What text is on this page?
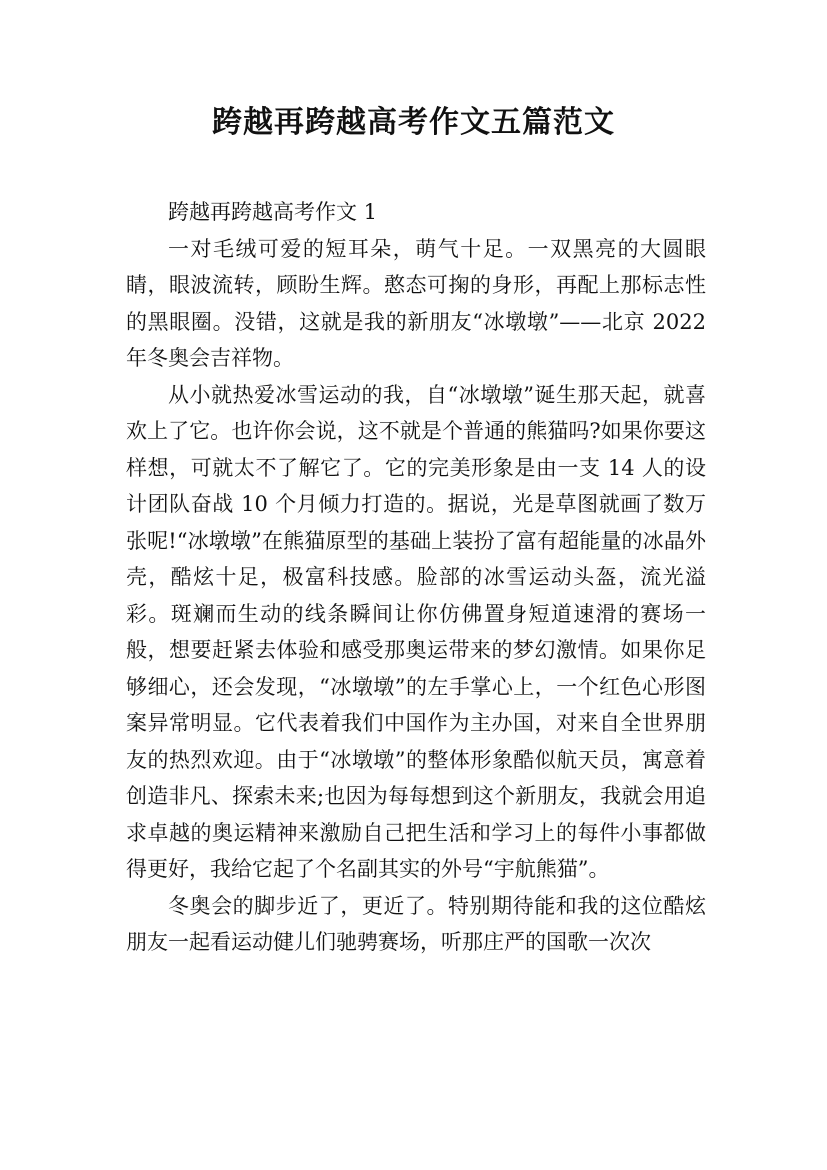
跨越再跨越高考作文五篇范文

跨越再跨越高考作文 1

一对毛绒可爱的短耳朵，萌气十足。一双黑亮的大圆眼睛，眼波流转，顾盼生辉。憨态可掬的身形，再配上那标志性的黑眼圈。没错，这就是我的新朋友“冰墩墩”——北京 2022 年冬奥会吉祥物。

从小就热爱冰雪运动的我，自“冰墩墩”诞生那天起，就喜欢上了它。也许你会说，这不就是个普通的熊猫吗?如果你要这样想，可就太不了解它了。它的完美形象是由一支 14 人的设计团队奋战 10 个月倾力打造的。据说，光是草图就画了数万张呢!“冰墩墩”在熊猫原型的基础上装扮了富有超能量的冰晶外壳，酷炫十足，极富科技感。脸部的冰雪运动头盔，流光溢彩。斑斓而生动的线条瞬间让你仿佛置身短道速滑的赛场一般，想要赶紧去体验和感受那奥运带来的梦幻激情。如果你足够细心，还会发现，“冰墩墩”的左手掌心上，一个红色心形图案异常明显。它代表着我们中国作为主办国，对来自全世界朋友的热烈欢迎。由于“冰墩墩”的整体形象酷似航天员，寓意着创造非凡、探索未来;也因为每每想到这个新朋友，我就会用追求卓越的奥运精神来激励自己把生活和学习上的每件小事都做得更好，我给它起了个名副其实的外号“宇航熊猫”。

冬奥会的脚步近了，更近了。特别期待能和我的这位酷炫朋友一起看运动健儿们驰骋赛场，听那庄严的国歌一次次
